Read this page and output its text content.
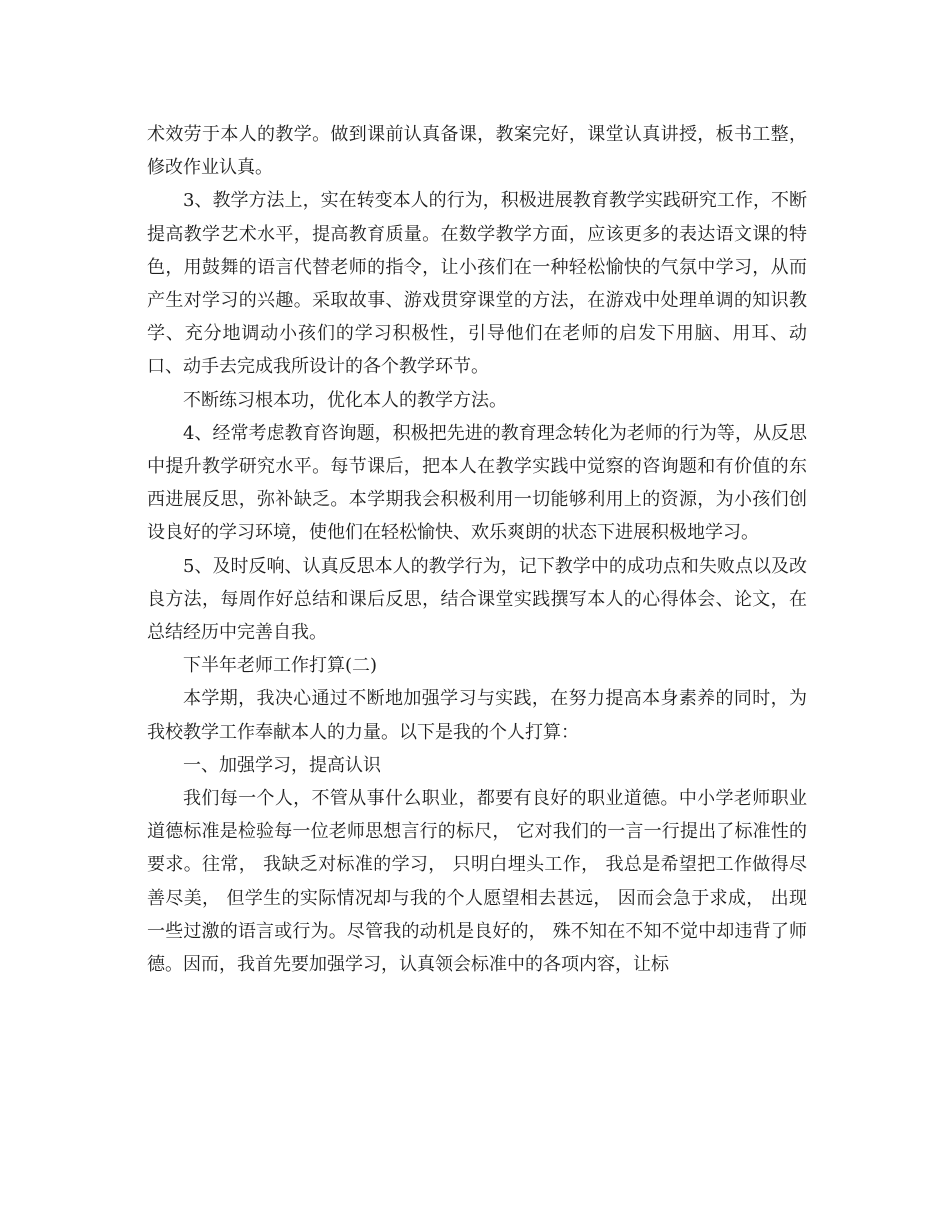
术效劳于本人的教学。做到课前认真备课，教案完好，课堂认真讲授，板书工整，修改作业认真。

3、教学方法上，实在转变本人的行为，积极进展教育教学实践研究工作，不断提高教学艺术水平，提高教育质量。在数学教学方面，应该更多的表达语文课的特色，用鼓舞的语言代替老师的指令，让小孩们在一种轻松愉快的气氛中学习，从而产生对学习的兴趣。采取故事、游戏贯穿课堂的方法，在游戏中处理单调的知识教学、充分地调动小孩们的学习积极性，引导他们在老师的启发下用脑、用耳、动口、动手去完成我所设计的各个教学环节。

不断练习根本功，优化本人的教学方法。

4、经常考虑教育咨询题，积极把先进的教育理念转化为老师的行为等，从反思中提升教学研究水平。每节课后，把本人在教学实践中觉察的咨询题和有价值的东西进展反思，弥补缺乏。本学期我会积极利用一切能够利用上的资源，为小孩们创设良好的学习环境，使他们在轻松愉快、欢乐爽朗的状态下进展积极地学习。

5、及时反响、认真反思本人的教学行为，记下教学中的成功点和失败点以及改良方法，每周作好总结和课后反思，结合课堂实践撰写本人的心得体会、论文，在总结经历中完善自我。

下半年老师工作打算(二)

本学期，我决心通过不断地加强学习与实践，在努力提高本身素养的同时，为我校教学工作奉献本人的力量。以下是我的个人打算：

一、加强学习，提高认识

我们每一个人，不管从事什么职业，都要有良好的职业道德。中小学老师职业道德标准是检验每一位老师思想言行的标尺， 它对我们的一言一行提出了标准性的要求。往常， 我缺乏对标准的学习， 只明白埋头工作， 我总是希望把工作做得尽善尽美， 但学生的实际情况却与我的个人愿望相去甚远， 因而会急于求成， 出现一些过激的语言或行为。尽管我的动机是良好的， 殊不知在不知不觉中却违背了师德。因而，我首先要加强学习，认真领会标准中的各项内容，让标
